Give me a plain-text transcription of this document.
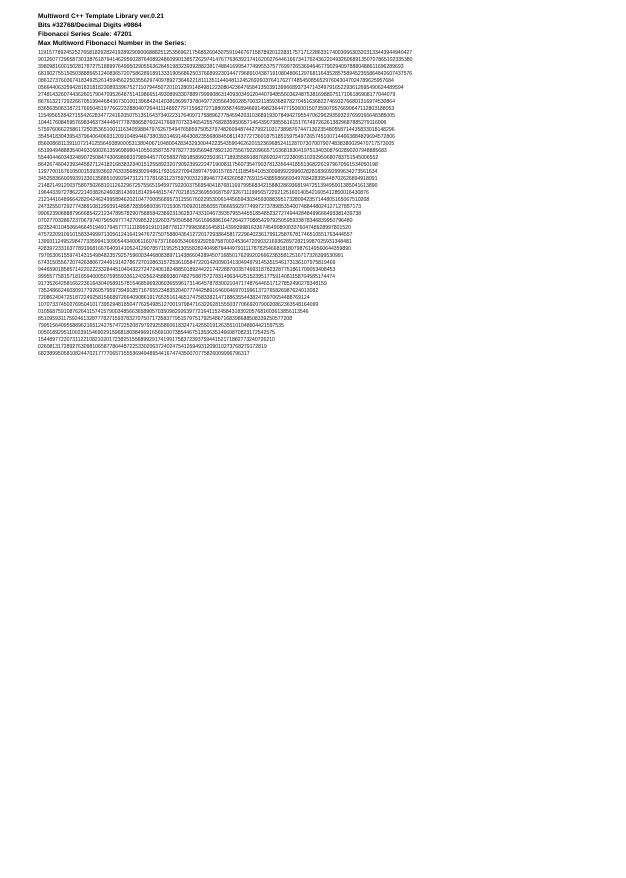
Multiword C++ Template Library ver.0.21
Bits #32768/Decimal Digits #9864
Fibonacci Series Scale: 47201
Max Multiword Fibonacci Number in the Series:
11915778924525276581829282419289290900688825125356962175685260430759194676715878920122831757171228633174003066303203133443944940427
90126077296587301387618794146295602876408924860990138572629741476776363921741620027644616673417624362204932606891350707865102335380
39809816001502817872751889976499502905563626451983239392882381748841699547749955375776997265369464677902940978880488611696289693
68190275515050388856512408365720758628918913331905686250376689923014477968910438719108048061297681164352857589452355864842607437576
08612737603674183492526145945622503556297409789273646221811135114404811245269260376417627748545085652976043047024789625957684
05664406325942818318182308933967527110794450720101280914849812230804236476584135039139966893734714349791652293612695490624489594
27481432607443626017904709526487514198665149308993307889799990863140930349120440794855603624875381698807517106186908177044079
86761321729226670519944684367301001396842414038186997378049772055643602857003211859368978270451636822746932766801316974530864
83656350631872176650451977662232880407264411148927797159827271880938746894669149823644771506001507359079576690647112803188053
11549565284271554262834772416205075135164373402231764097175889627784594203103689193078494279554706296293593237699166648385005
10441760845957698346373444847778788658760241766870732346542557682835950657146439073855616151767497262613829687885279116006
57597606622586172503536510011163405988479762675494765859750537974826094874427992103173898767447130235480558714435833018148296
35454183043954379640640693120910489446738039314691464308235568084508114377273601875185159754972657451007144663884829694572806
85600868113911072141255649389000531380406710480042834329300442235435904626201523696852411287073070079074838380029470717573005
65199494888354049316002613596989804105503587357978277350569487892120755679220966571636818304197513403087602890207948885683
55440446034324890725084743069898337989445770258827891858992350361718935589188768920247223809510292959680783751545006552
86426746042393445827124182168383234015125589232079092399222471900811756073547903781335644185513682261979670561534050198
12977001676105001539393602763335689302948617931622709428974759015765711185454105300989922996028281836092999634273561634
34525836600593913301358851099294731217178168112375970031218946772432605877691154385586669349768428395448702626894918091
21482149120037580750268101126229672575565194597792200375695404187681169799568342158802869368194725139495001385041613890
19644339727862221403826246038143691814294481574770218152369550687597326711199565722921251601405421605412850016430876
21214416489664282042462499589462021047700056895731155676022953006144565943034593088395173280942357144805165067510208
24732550729277438910812993914898728399800367015305700920185605570666592977499727378985354007488448024127127857173
99062390688879666854221234789578290758858423892313628374331046739357955445518548523272749442848499666493381439738
07027703286723706797407905097774270985321926037505058876616968861647264277088542979250595933878346839950796480
82352401045066466451949179457771111895919101987781277998368164581143993998163367454908000337604748928997801520
47572209109101583349997130561241641947672750758804354127201729386458172296402361799125876781746510551763444557
13993112495298477335994130905443400611607673716660534065929259758700245364720903216936289728219987025931348481
42839723316377891968166764091410524129078571195251305582824049879444979111178782546681818079876149560644359890
79705306155974143154984823579257596003446808389711438660428945071685017629920266623835812516717326399530991
67431505567207426380672449191427867270108631572536105847220142009014130494979145351546173136107975819469
94465901858571422022233284451040432272472406182488501892442217422887003574693187823287751861709053408453
99955775815718165940005075955933612432562458893807482758875727831496344251523951775914081158704585174474
91735264258166223616430405891578154685969206036559617314645787830021047174876446517127852490278348159
73524866246030917792605795973949185716765523483520407774425891646004697019961372765826987624013082
72086240472518722492581566897266409086191765351614651747583382147188635544382478970654488769124
10707337450276950410173952948185047762549851270019798471632262815550377066920790020862363548164099
01056875910876264115741579003485663658905703509829263977216411524584318302057681603613856113546
85109593117592461328777827159378327075071735837795157975179254867168398688508339250577208
79951564095588962165124275747225208797929255860618324714255019126355101048604421597535
00501892951100239154690291596818038496916569100738544675135363514660870823172542575
15448977220731122108210201723825155689929174199175837239375944152171882773240726210
02608131728927630981065877804487225330206372402475412694931209010273768279172819
68238995058108244702177770657155536949489544167474350070775826009996796317
